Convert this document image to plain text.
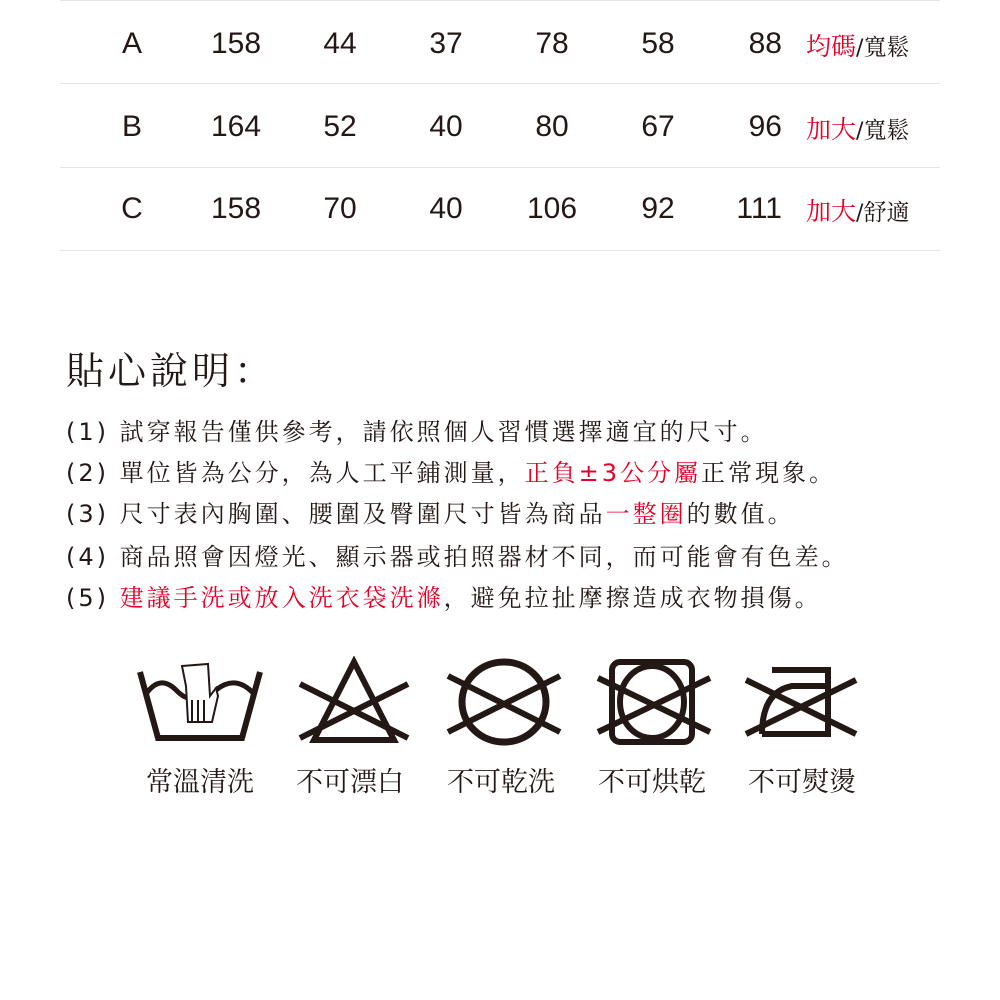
A	158	44	37	78	58	88 均碼/寬鬆
B	164	52	40	80	67	96 加大/寬鬆
C	158	70	40	106	92	111 加大/舒適
貼心說明：
(1) 試穿報告僅供參考，請依照個人習慣選擇適宜的尺寸。
(2) 單位皆為公分，為人工平鋪測量，正負±3公分屬正常現象。
(3) 尺寸表內胸圍、腰圍及臀圍尺寸皆為商品一整圈的數值。
(4) 商品照會因燈光、顯示器或拍照器材不同，而可能會有色差。
(5) 建議手洗或放入洗衣袋洗滌，避免拉扯摩擦造成衣物損傷。
常溫清洗	不可漂白	不可乾洗	不可烘乾	不可熨燙
